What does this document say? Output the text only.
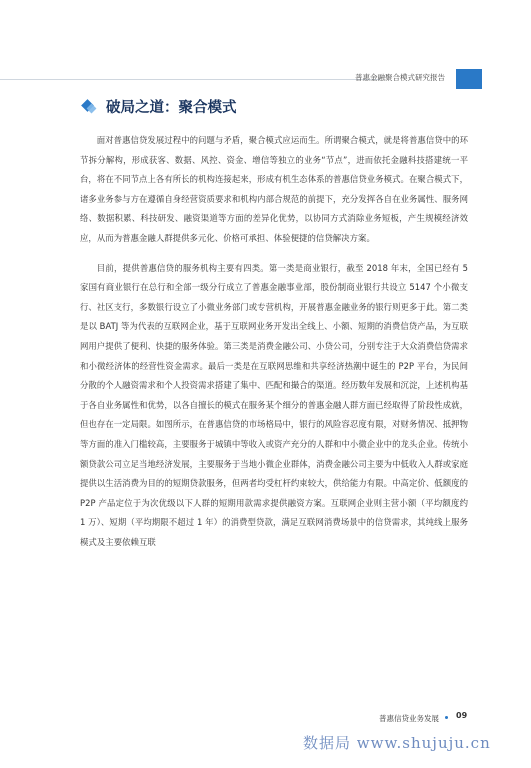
普惠金融聚合模式研究报告
破局之道：聚合模式

面对普惠信贷发展过程中的问题与矛盾，聚合模式应运而生。所谓聚合模式，就是将普惠信贷中的环节拆分解构，形成获客、数据、风控、资金、增信等独立的业务“节点”，进而依托金融科技搭建统一平台，将在不同节点上各有所长的机构连接起来，形成有机生态体系的普惠信贷业务模式。在聚合模式下，诸多业务参与方在遵循自身经营资质要求和机构内部合规范的前提下，充分发挥各自在业务属性、服务网络、数据积累、科技研发、融资渠道等方面的差异化优势，以协同方式消除业务短板，产生规模经济效应，从而为普惠金融人群提供多元化、价格可承担、体验便捷的信贷解决方案。

目前，提供普惠信贷的服务机构主要有四类。第一类是商业银行，截至 2018 年末，全国已经有 5 家国有商业银行在总行和全部一级分行成立了普惠金融事业部，股份制商业银行共设立 5147 个小微支行、社区支行，多数银行设立了小微业务部门或专营机构，开展普惠金融业务的银行则更多于此。第二类是以 BATJ 等为代表的互联网企业，基于互联网业务开发出全线上、小额、短期的消费信贷产品，为互联网用户提供了便利、快捷的服务体验。第三类是消费金融公司、小贷公司，分别专注于大众消费信贷需求和小微经济体的经营性资金需求。最后一类是在互联网思维和共享经济热潮中诞生的 P2P 平台，为民间分散的个人融资需求和个人投资需求搭建了集中、匹配和撮合的渠道。经历数年发展和沉淀，上述机构基于各自业务属性和优势，以各自擅长的模式在服务某个细分的普惠金融人群方面已经取得了阶段性成就，但也存在一定局限。如图所示，在普惠信贷的市场格局中，银行的风险容忍度有限，对财务情况、抵押物等方面的准入门槛较高，主要服务于城镇中等收入或资产充分的人群和中小微企业中的龙头企业。传统小额贷款公司立足当地经济发展，主要服务于当地小微企业群体，消费金融公司主要为中低收入人群或家庭提供以生活消费为目的的短期贷款服务，但两者均受杠杆约束较大，供给能力有限。中高定价、低额度的 P2P 产品定位于为次优级以下人群的短期用款需求提供融资方案。互联网企业则主营小额（平均额度约 1 万）、短期（平均期限不超过 1 年）的消费型贷款，满足互联网消费场景中的信贷需求，其纯线上服务模式及主要依赖互联

普惠信贷业务发展 09
数据局 www.shujuju.cn
